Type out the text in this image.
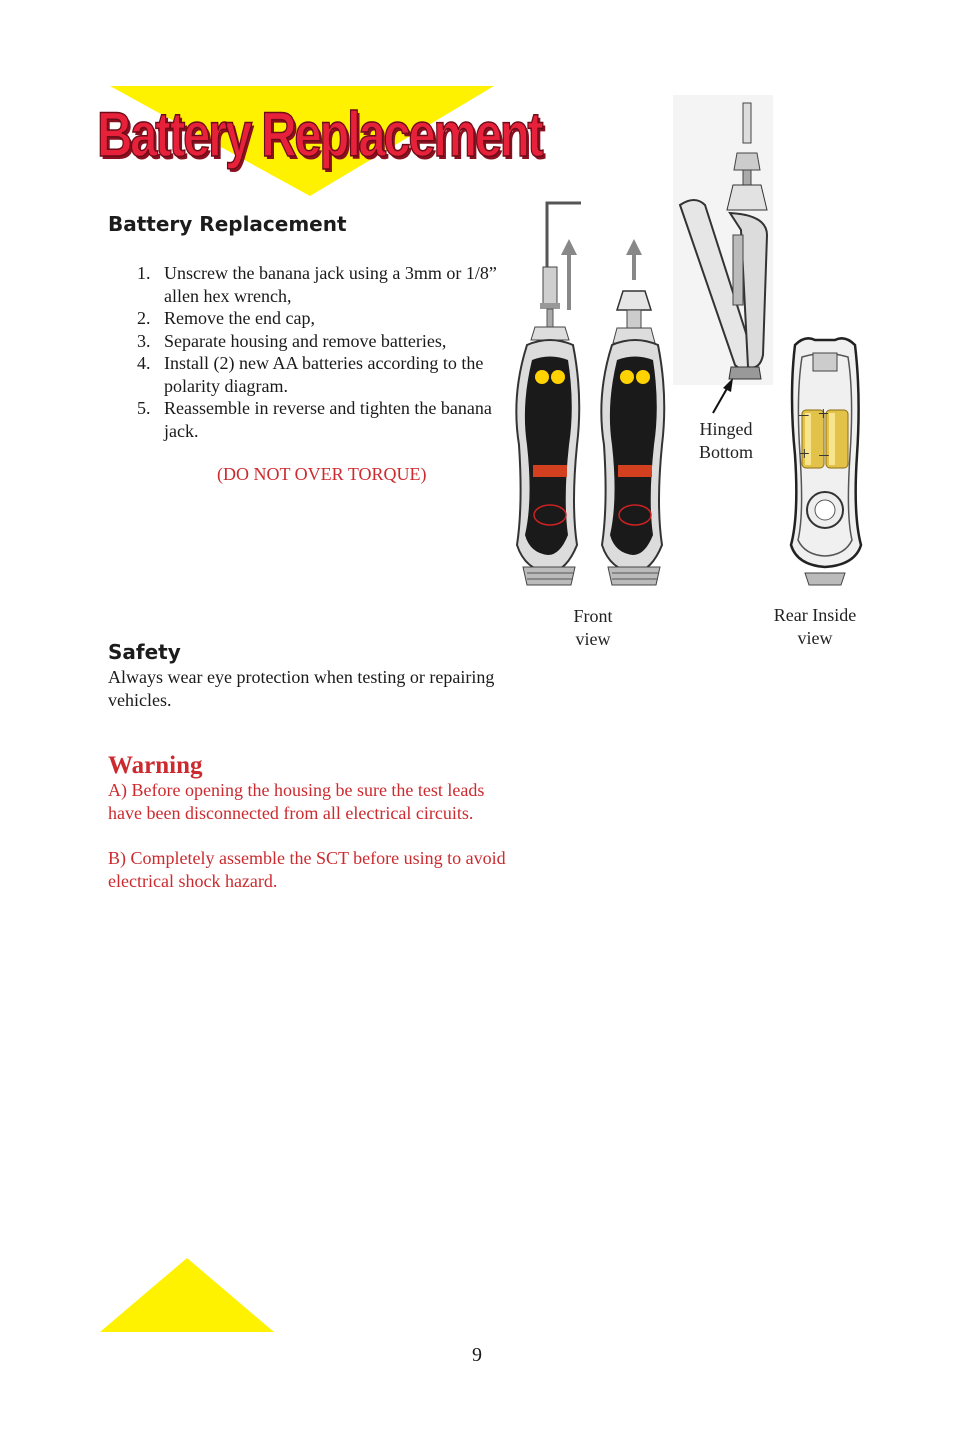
Battery Replacement
Battery Replacement
1. Unscrew the banana jack using a 3mm or 1/8” allen hex wrench,
2. Remove the end cap,
3. Separate housing and remove batteries,
4. Install (2) new AA batteries according to the polarity diagram.
5. Reassemble in reverse and tighten the banana jack.
(DO NOT OVER TORQUE)
Safety
Always wear eye protection when testing or repairing vehicles.
Warning
A) Before opening the housing be sure the test leads have been disconnected from all electrical circuits.
B) Completely assemble the SCT before using to avoid electrical shock hazard.
–  +
+  –
Hinged Bottom
Front view
Rear Inside view
9
